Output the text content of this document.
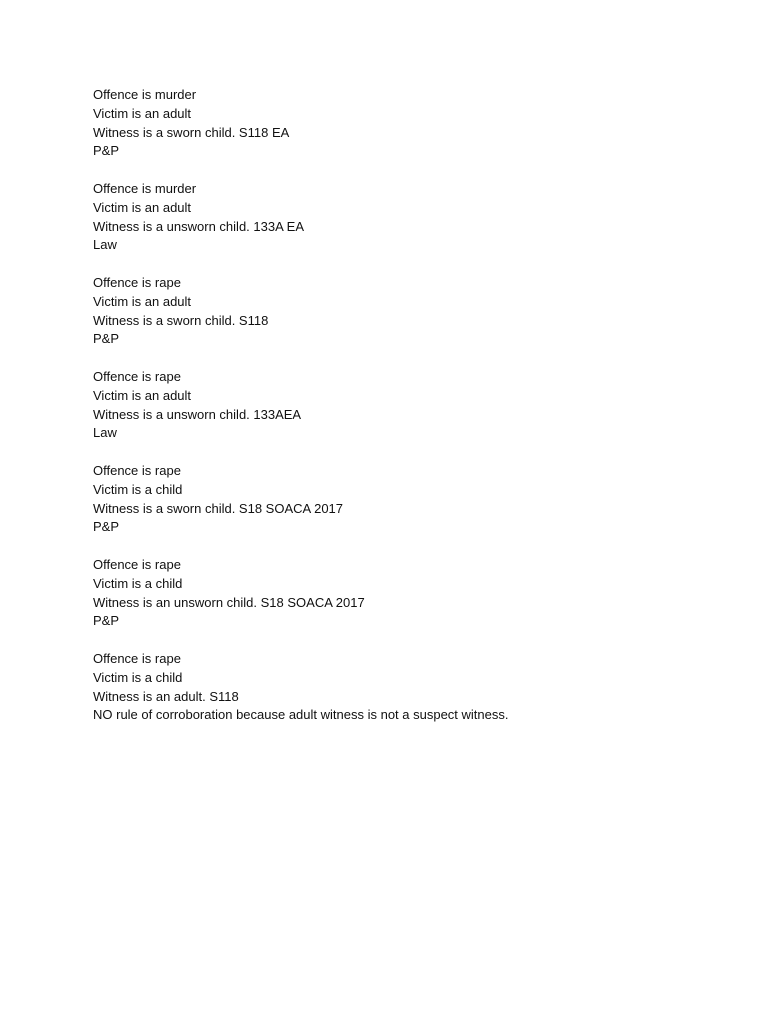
Offence is murder
Victim is an adult
Witness is a sworn child. S118 EA
P&P
Offence is murder
Victim is an adult
Witness is a unsworn child. 133A EA
Law
Offence is rape
Victim is an adult
Witness is a sworn child. S118
P&P
Offence is rape
Victim is an adult
Witness is a unsworn child. 133AEA
Law
Offence is rape
Victim is a child
Witness is a sworn child. S18 SOACA 2017
P&P
Offence is rape
Victim is a child
Witness is an unsworn child. S18 SOACA 2017
P&P
Offence is rape
Victim is a child
Witness is an adult. S118
NO rule of corroboration because adult witness is not a suspect witness.
